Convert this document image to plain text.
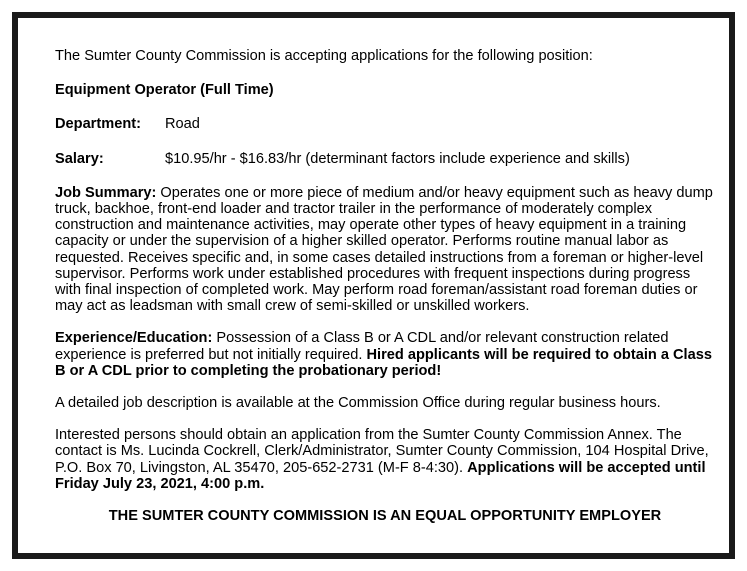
The Sumter County Commission is accepting applications for the following position:

Equipment Operator (Full Time)

Department:	Road
Salary:	$10.95/hr - $16.83/hr (determinant factors include experience and skills)

Job Summary: Operates one or more piece of medium and/or heavy equipment such as heavy dump truck, backhoe, front-end loader and tractor trailer in the performance of moderately complex construction and maintenance activities, may operate other types of heavy equipment in a training capacity or under the supervision of a higher skilled operator. Performs routine manual labor as requested. Receives specific and, in some cases detailed instructions from a foreman or higher-level supervisor. Performs work under established procedures with frequent inspections during progress with final inspection of completed work. May perform road foreman/assistant road foreman duties or may act as leadsman with small crew of semi-skilled or unskilled workers.

Experience/Education: Possession of a Class B or A CDL and/or relevant construction related experience is preferred but not initially required. Hired applicants will be required to obtain a Class B or A CDL prior to completing the probationary period!

A detailed job description is available at the Commission Office during regular business hours.

Interested persons should obtain an application from the Sumter County Commission Annex. The contact is Ms. Lucinda Cockrell, Clerk/Administrator, Sumter County Commission, 104 Hospital Drive, P.O. Box 70, Livingston, AL 35470, 205-652-2731 (M-F 8-4:30). Applications will be accepted until Friday July 23, 2021, 4:00 p.m.

THE SUMTER COUNTY COMMISSION IS AN EQUAL OPPORTUNITY EMPLOYER
